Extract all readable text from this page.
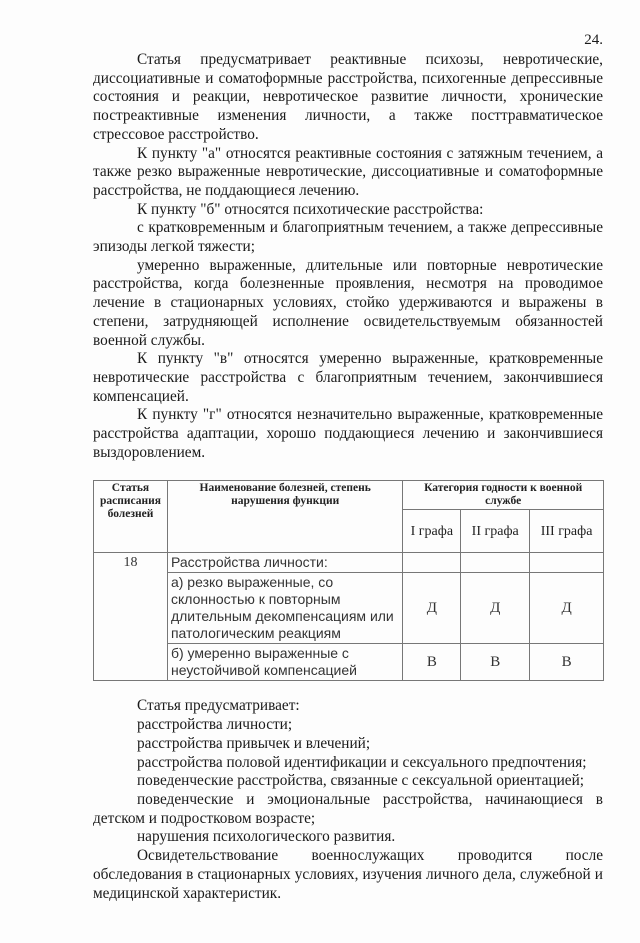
24.

Статья предусматривает реактивные психозы, невротические, диссоциативные и соматоформные расстройства, психогенные депрессивные состояния и реакции, невротическое развитие личности, хронические постреактивные изменения личности, а также посттравматическое стрессовое расстройство.

К пункту "а" относятся реактивные состояния с затяжным течением, а также резко выраженные невротические, диссоциативные и соматоформные расстройства, не поддающиеся лечению.

К пункту "б" относятся психотические расстройства:

с кратковременным и благоприятным течением, а также депрессивные эпизоды легкой тяжести;

умеренно выраженные, длительные или повторные невротические расстройства, когда болезненные проявления, несмотря на проводимое лечение в стационарных условиях, стойко удерживаются и выражены в степени, затрудняющей исполнение освидетельствуемым обязанностей военной службы.

К пункту "в" относятся умеренно выраженные, кратковременные невротические расстройства с благоприятным течением, закончившиеся компенсацией.

К пункту "г" относятся незначительно выраженные, кратковременные расстройства адаптации, хорошо поддающиеся лечению и закончившиеся выздоровлением.

Статья расписания болезней	Наименование болезней, степень нарушения функции	Категория годности к военной службе		
		I графа	II графа	III графа
18	Расстройства личности:			
	а) резко выраженные, со склонностью к повторным длительным декомпенсациям или патологическим реакциям	Д	Д	Д
	б) умеренно выраженные с неустойчивой компенсацией	В	В	В

Статья предусматривает:

расстройства личности;

расстройства привычек и влечений;

расстройства половой идентификации и сексуального предпочтения;

поведенческие расстройства, связанные с сексуальной ориентацией;

поведенческие и эмоциональные расстройства, начинающиеся в детском и подростковом возрасте;

нарушения психологического развития.

Освидетельствование военнослужащих проводится после обследования в стационарных условиях, изучения личного дела, служебной и медицинской характеристик.
